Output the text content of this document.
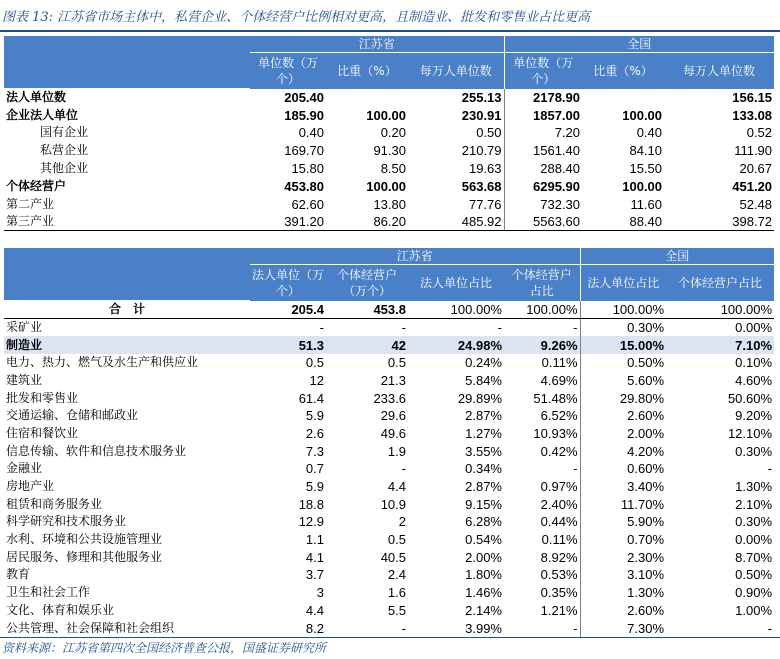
图表 13: 江苏省市场主体中，私营企业、个体经营户比例相对更高，且制造业、批发和零售业占比更高
	江苏省			全国		
	单位数（万个）	比重（%）	每万人单位数	单位数（万个）	比重（%）	每万人单位数
法人单位数	205.40		255.13	2178.90		156.15
企业法人单位	185.90	100.00	230.91	1857.00	100.00	133.08
国有企业	0.40	0.20	0.50	7.20	0.40	0.52
私营企业	169.70	91.30	210.79	1561.40	84.10	111.90
其他企业	15.80	8.50	19.63	288.40	15.50	20.67
个体经营户	453.80	100.00	563.68	6295.90	100.00	451.20
第二产业	62.60	13.80	77.76	732.30	11.60	52.48
第三产业	391.20	86.20	485.92	5563.60	88.40	398.72
	江苏省				全国	
	法人单位（万个）	个体经营户（万个）	法人单位占比	个体经营户占比	法人单位占比	个体经营户占比
合　计	205.4	453.8	100.00%	100.00%	100.00%	100.00%
采矿业	-	-	-	-	0.30%	0.00%
制造业	51.3	42	24.98%	9.26%	15.00%	7.10%
电力、热力、燃气及水生产和供应业	0.5	0.5	0.24%	0.11%	0.50%	0.10%
建筑业	12	21.3	5.84%	4.69%	5.60%	4.60%
批发和零售业	61.4	233.6	29.89%	51.48%	29.80%	50.60%
交通运输、仓储和邮政业	5.9	29.6	2.87%	6.52%	2.60%	9.20%
住宿和餐饮业	2.6	49.6	1.27%	10.93%	2.00%	12.10%
信息传输、软件和信息技术服务业	7.3	1.9	3.55%	0.42%	4.20%	0.30%
金融业	0.7	-	0.34%	-	0.60%	-
房地产业	5.9	4.4	2.87%	0.97%	3.40%	1.30%
租赁和商务服务业	18.8	10.9	9.15%	2.40%	11.70%	2.10%
科学研究和技术服务业	12.9	2	6.28%	0.44%	5.90%	0.30%
水利、环境和公共设施管理业	1.1	0.5	0.54%	0.11%	0.70%	0.00%
居民服务、修理和其他服务业	4.1	40.5	2.00%	8.92%	2.30%	8.70%
教育	3.7	2.4	1.80%	0.53%	3.10%	0.50%
卫生和社会工作	3	1.6	1.46%	0.35%	1.30%	0.90%
文化、体育和娱乐业	4.4	5.5	2.14%	1.21%	2.60%	1.00%
公共管理、社会保障和社会组织	8.2	-	3.99%	-	7.30%	-
资料来源：江苏省第四次全国经济普查公报，国盛证券研究所
